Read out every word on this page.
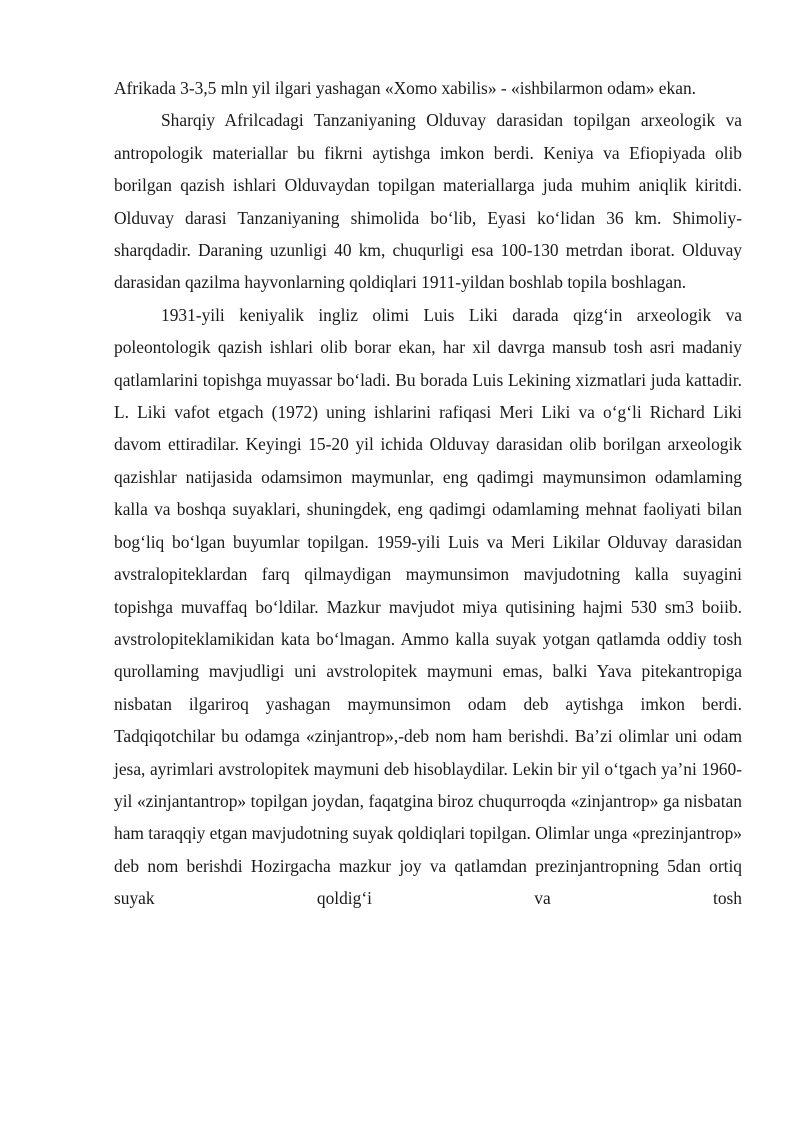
Afrikada 3-3,5 mln yil ilgari yashagan «Xomo xabilis» - «ishbilarmon odam» ekan.

Sharqiy Afrilcadagi Tanzaniyaning Olduvay darasidan topilgan arxeologik va antropologik materiallar bu fikrni aytishga imkon berdi. Keniya va Efiopiyada olib borilgan qazish ishlari Olduvaydan topilgan materiallarga juda muhim aniqlik kiritdi. Olduvay darasi Tanzaniyaning shimolida bo‘lib, Eyasi ko‘lidan 36 km. Shimoliy-sharqdadir. Daraning uzunligi 40 km, chuqurligi esa 100-130 metrdan iborat. Olduvay darasidan qazilma hayvonlarning qoldiqlari 1911-yildan boshlab topila boshlagan.

1931-yili keniyalik ingliz olimi Luis Liki darada qizg‘in arxeologik va poleontologik qazish ishlari olib borar ekan, har xil davrga mansub tosh asri madaniy qatlamlarini topishga muyassar bo‘ladi. Bu borada Luis Lekining xizmatlari juda kattadir. L. Liki vafot etgach (1972) uning ishlarini rafiqasi Meri Liki va o‘g‘li Richard Liki davom ettiradilar. Keyingi 15-20 yil ichida Olduvay darasidan olib borilgan arxeologik qazishlar natijasida odamsimon maymunlar, eng qadimgi maymunsimon odamlaming kalla va boshqa suyaklari, shuningdek, eng qadimgi odamlaming mehnat faoliyati bilan bog‘liq bo‘lgan buyumlar topilgan. 1959-yili Luis va Meri Likilar Olduvay darasidan avstralopiteklardan farq qilmaydigan maymunsimon mavjudotning kalla suyagini topishga muvaffaq bo‘ldilar. Mazkur mavjudot miya qutisining hajmi 530 sm3 boiib. avstrolopiteklamikidan kata bo‘lmagan. Ammo kalla suyak yotgan qatlamda oddiy tosh qurollaming mavjudligi uni avstrolopitek maymuni emas, balki Yava pitekantropiga nisbatan ilgariroq yashagan maymunsimon odam deb aytishga imkon berdi. Tadqiqotchilar bu odamga «zinjantrop»,-deb nom ham berishdi. Ba’zi olimlar uni odam jesa, ayrimlari avstrolopitek maymuni deb hisoblaydilar. Lekin bir yil o‘tgach ya’ni 1960-yil «zinjantantrop» topilgan joydan, faqatgina biroz chuqurroqda «zinjantrop» ga nisbatan ham taraqqiy etgan mavjudotning suyak qoldiqlari topilgan. Olimlar unga «prezinjantrop» deb nom berishdi Hozirgacha mazkur joy va qatlamdan prezinjantropning 5dan ortiq suyak qoldig‘i va tosh
